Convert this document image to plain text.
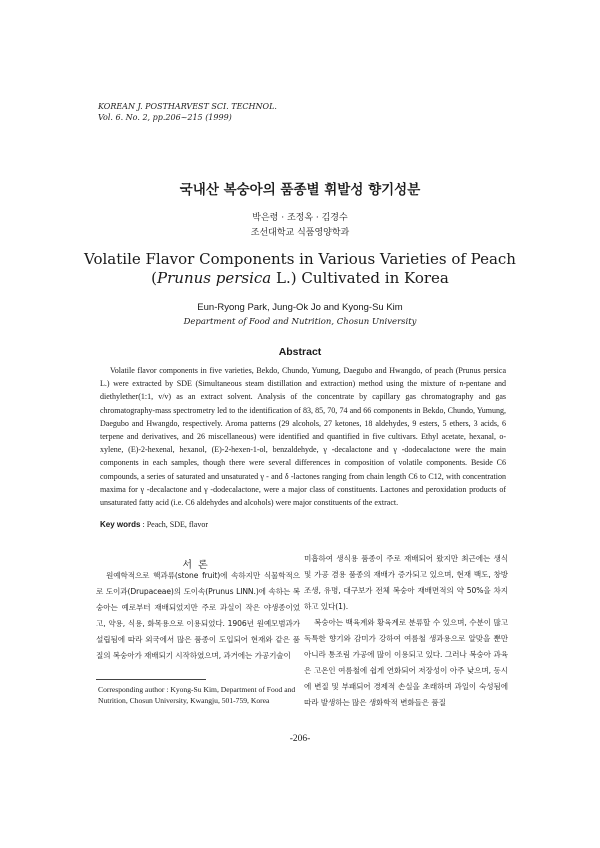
KOREAN J. POSTHARVEST SCI. TECHNOL.
Vol. 6. No. 2, pp.206~215 (1999)
국내산 복숭아의 품종별 휘발성 향기성분
박은령 · 조정옥 · 김경수
조선대학교 식품영양학과
Volatile Flavor Components in Various Varieties of Peach
(Prunus persica L.) Cultivated in Korea
Eun-Ryong Park, Jung-Ok Jo and Kyong-Su Kim
Department of Food and Nutrition, Chosun University
Abstract
Volatile flavor components in five varieties, Bekdo, Chundo, Yumung, Daegubo and Hwangdo, of peach (Prunus persica L.) were extracted by SDE (Simultaneous steam distillation and extraction) method using the mixture of n-pentane and diethylether(1:1, v/v) as an extract solvent. Analysis of the concentrate by capillary gas chromatography and gas chromatography-mass spectrometry led to the identification of 83, 85, 70, 74 and 66 components in Bekdo, Chundo, Yumung, Daegubo and Hwangdo, respectively. Aroma patterns (29 alcohols, 27 ketones, 18 aldehydes, 9 esters, 5 ethers, 3 acids, 6 terpene and derivatives, and 26 miscellaneous) were identified and quantified in five cultivars. Ethyl acetate, hexanal, o-xylene, (E)-2-hexenal, hexanol, (E)-2-hexen-1-ol, benzaldehyde, γ -decalactone and γ -dodecalactone were the main components in each samples, though there were several differences in composition of volatile components. Beside C6 compounds, a series of saturated and unsaturated γ - and δ -lactones ranging from chain length C6 to C12, with concentration maxima for γ -decalactone and γ -dodecalactone, were a major class of constituents. Lactones and peroxidation products of unsaturated fatty acid (i.e. C6 aldehydes and alcohols) were major constituents of the extract.
Key words : Peach, SDE, flavor
서론

원예학적으로 핵과류(stone fruit)에 속하지만 식물학적으로 도이과(Drupaceae)의 도이속(Prunus LINN.)에 속하는 복숭아는 예로부터 재배되었지만 주로 과실이 작은 야생종이었고, 약용, 식용, 화목용으로 이용되었다. 1906년 원예모범과가 설립됨에 따라 외국에서 많은 품종이 도입되어 현재와 같은 품질의 복숭아가 재배되기 시작하였으며, 과거에는 가공기술이

미흡하여 생식용 품종이 주로 재배되어 왔지만 최근에는 생식 및 가공 겸용 품종의 재배가 증가되고 있으며, 현재 백도, 창방조생, 유명, 대구보가 전체 복숭아 재배면적의 약 50%을 차지하고 있다(1).

복숭아는 백육계와 황육계로 분류할 수 있으며, 수분이 많고 독특한 향기와 감미가 강하여 여름철 생과용으로 알맞을 뿐만 아니라 통조림 가공에 많이 이용되고 있다. 그러나 복숭아 과육은 고온인 여름철에 쉽게 연화되어 저장성이 아주 낮으며, 동시에 변질 및 부패되어 경제적 손실을 초래하며 과일이 숙성됨에 따라 발생하는 많은 생화학적 변화들은 품질

Corresponding author : Kyong-Su Kim, Department of Food and Nutrition, Chosun University, Kwangju, 501-759, Korea
-206-
